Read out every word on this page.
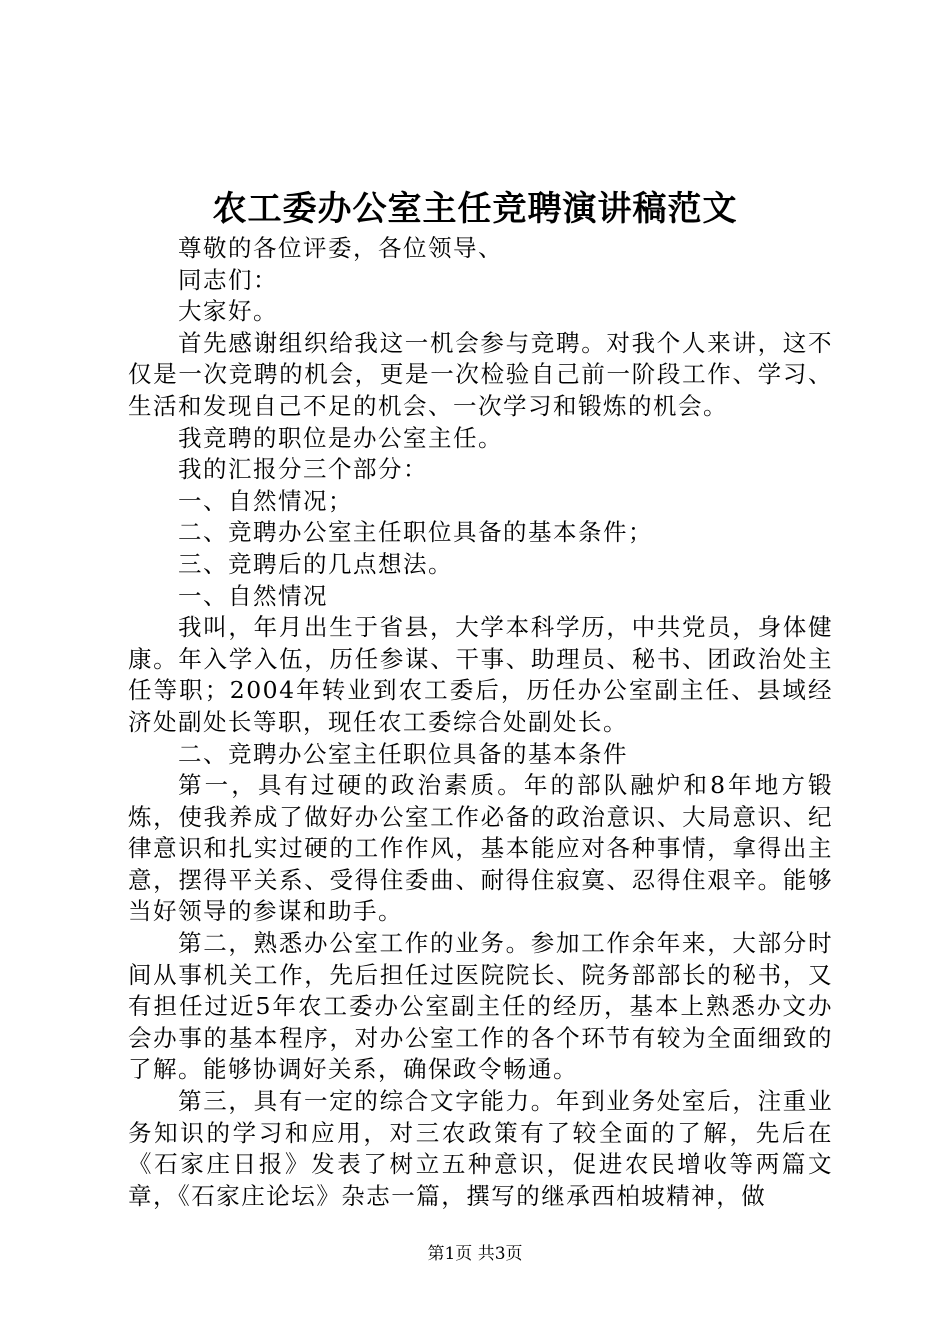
农工委办公室主任竞聘演讲稿范文

尊敬的各位评委，各位领导、

同志们：

大家好。

首先感谢组织给我这一机会参与竞聘。对我个人来讲，这不仅是一次竞聘的机会，更是一次检验自己前一阶段工作、学习、生活和发现自己不足的机会、一次学习和锻炼的机会。

我竞聘的职位是办公室主任。

我的汇报分三个部分：

一、自然情况；

二、竞聘办公室主任职位具备的基本条件；

三、竞聘后的几点想法。

一、自然情况

我叫，年月出生于省县，大学本科学历，中共党员，身体健康。年入学入伍，历任参谋、干事、助理员、秘书、团政治处主任等职；2004年转业到农工委后，历任办公室副主任、县域经济处副处长等职，现任农工委综合处副处长。

二、竞聘办公室主任职位具备的基本条件

第一，具有过硬的政治素质。年的部队融炉和8年地方锻炼，使我养成了做好办公室工作必备的政治意识、大局意识、纪律意识和扎实过硬的工作作风，基本能应对各种事情，拿得出主意，摆得平关系、受得住委曲、耐得住寂寞、忍得住艰辛。能够当好领导的参谋和助手。

第二，熟悉办公室工作的业务。参加工作余年来，大部分时间从事机关工作，先后担任过医院院长、院务部部长的秘书，又有担任过近5年农工委办公室副主任的经历，基本上熟悉办文办会办事的基本程序，对办公室工作的各个环节有较为全面细致的了解。能够协调好关系，确保政令畅通。

第三，具有一定的综合文字能力。年到业务处室后，注重业务知识的学习和应用，对三农政策有了较全面的了解，先后在《石家庄日报》发表了树立五种意识，促进农民增收等两篇文章，《石家庄论坛》杂志一篇，撰写的继承西柏坡精神，做

第1页 共3页
